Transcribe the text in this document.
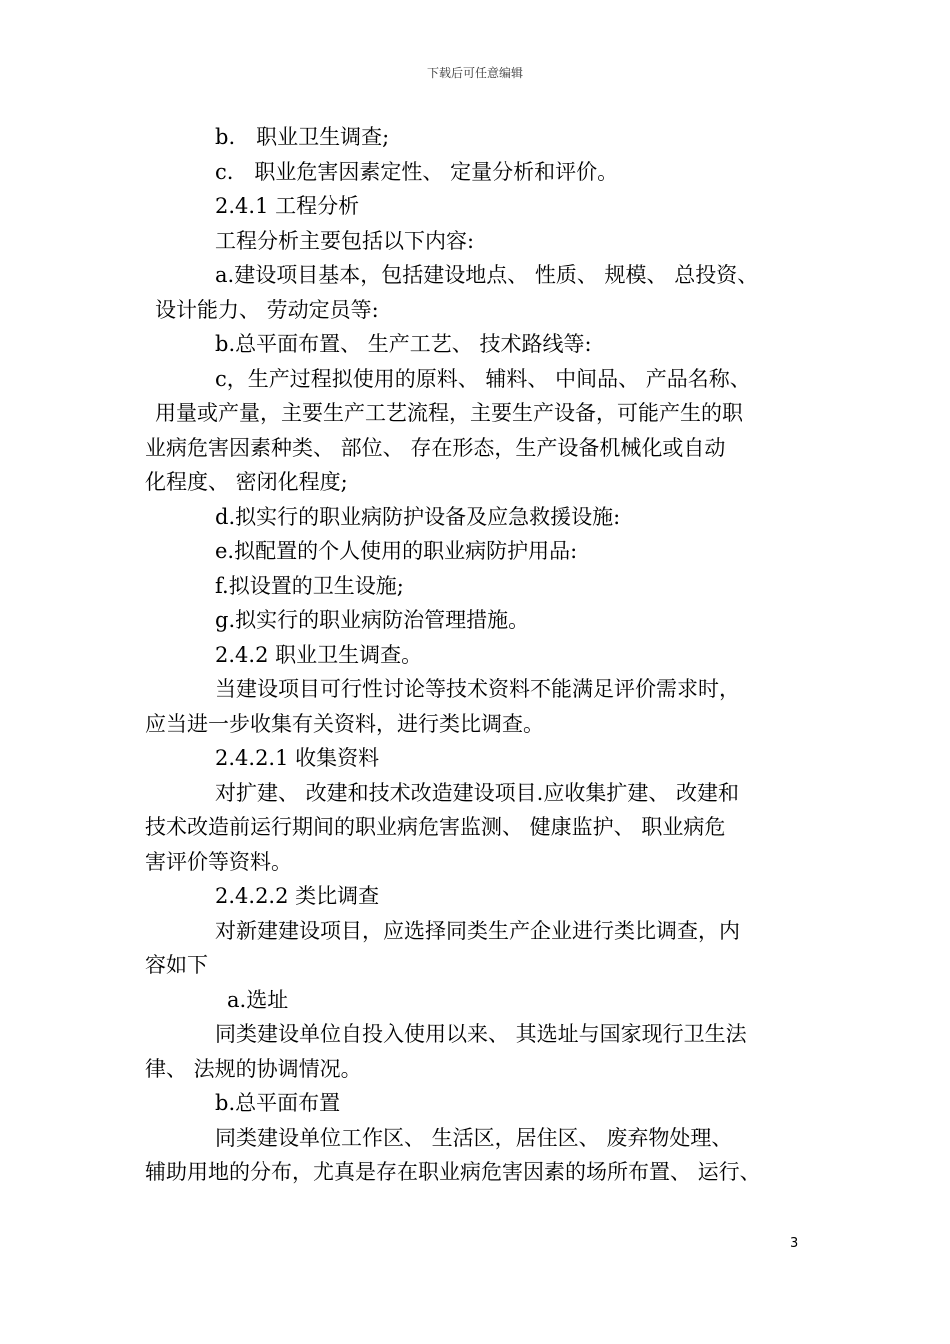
下载后可任意编辑
b.　职业卫生调查;
c.　职业危害因素定性、 定量分析和评价。
2.4.1 工程分析
工程分析主要包括以下内容:
a.建设项目基本，包括建设地点、 性质、 规模、 总投资、
设计能力、 劳动定员等:
b.总平面布置、 生产工艺、 技术路线等:
c，生产过程拟使用的原料、 辅料、 中间品、 产品名称、
用量或产量，主要生产工艺流程，主要生产设备，可能产生的职
业病危害因素种类、 部位、 存在形态，生产设备机械化或自动
化程度、 密闭化程度;
d.拟实行的职业病防护设备及应急救援设施:
e.拟配置的个人使用的职业病防护用品:
f.拟设置的卫生设施;
g.拟实行的职业病防治管理措施。
2.4.2 职业卫生调查。
当建设项目可行性讨论等技术资料不能满足评价需求时，
应当进一步收集有关资料，进行类比调查。
2.4.2.1 收集资料
对扩建、 改建和技术改造建设项目.应收集扩建、 改建和
技术改造前运行期间的职业病危害监测、 健康监护、 职业病危
害评价等资料。
2.4.2.2 类比调查
对新建建设项目，应选择同类生产企业进行类比调查，内
容如下
a.选址
同类建设单位自投入使用以来、 其选址与国家现行卫生法
律、 法规的协调情况。
b.总平面布置
同类建设单位工作区、 生活区，居住区、 废弃物处理、
辅助用地的分布，尤真是存在职业病危害因素的场所布置、 运行、
3
